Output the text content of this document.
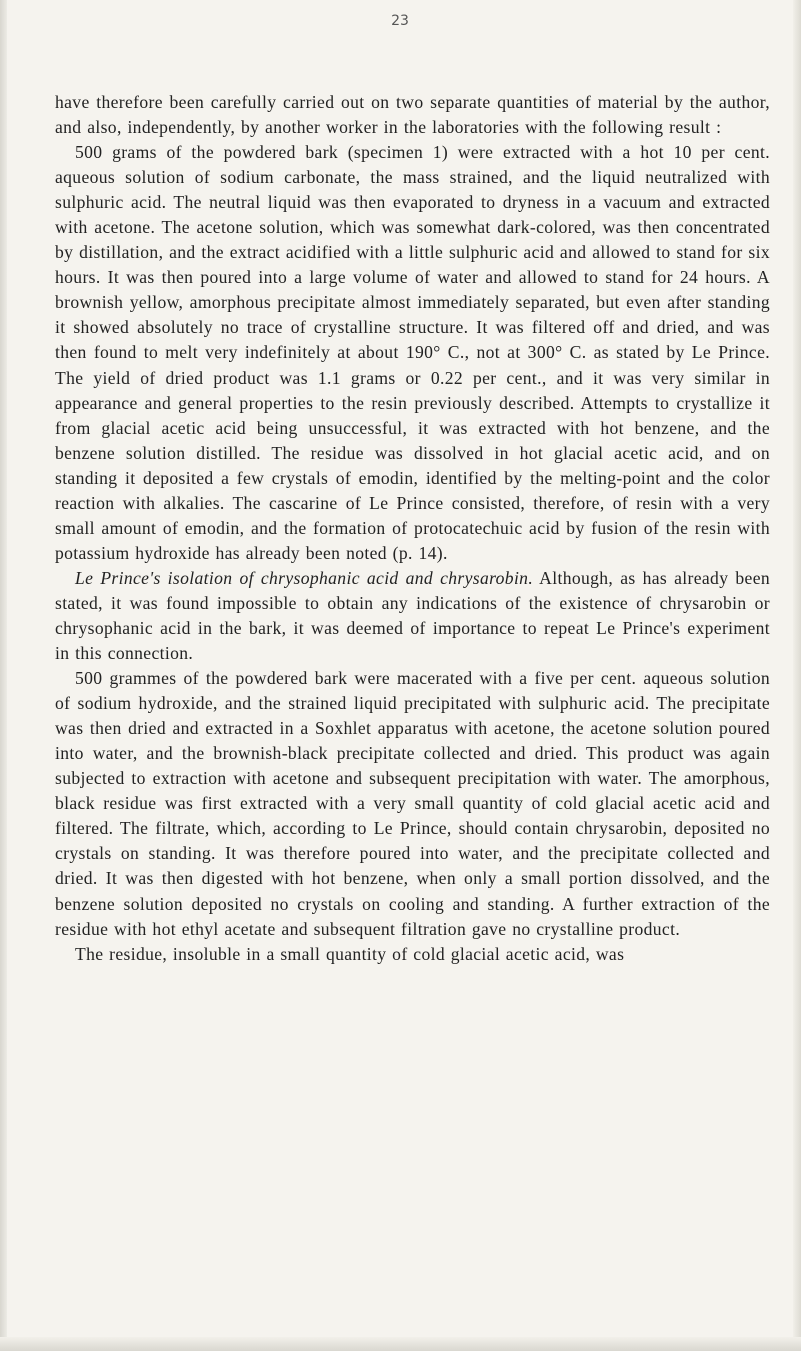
23

have therefore been carefully carried out on two separate quantities of material by the author, and also, independently, by another worker in the laboratories with the following result :

500 grams of the powdered bark (specimen 1) were extracted with a hot 10 per cent. aqueous solution of sodium carbonate, the mass strained, and the liquid neutralized with sulphuric acid. The neutral liquid was then evaporated to dryness in a vacuum and extracted with acetone. The acetone solution, which was somewhat dark-colored, was then concentrated by distillation, and the extract acidified with a little sulphuric acid and allowed to stand for six hours. It was then poured into a large volume of water and allowed to stand for 24 hours. A brownish yellow, amorphous precipitate almost immediately separated, but even after standing it showed absolutely no trace of crystalline structure. It was filtered off and dried, and was then found to melt very indefinitely at about 190° C., not at 300° C. as stated by Le Prince. The yield of dried product was 1.1 grams or 0.22 per cent., and it was very similar in appearance and general properties to the resin previously described. Attempts to crystallize it from glacial acetic acid being unsuccessful, it was extracted with hot benzene, and the benzene solution distilled. The residue was dissolved in hot glacial acetic acid, and on standing it deposited a few crystals of emodin, identified by the melting-point and the color reaction with alkalies. The cascarine of Le Prince consisted, therefore, of resin with a very small amount of emodin, and the formation of protocatechuic acid by fusion of the resin with potassium hydroxide has already been noted (p. 14).

Le Prince's isolation of chrysophanic acid and chrysarobin. Although, as has already been stated, it was found impossible to obtain any indications of the existence of chrysarobin or chrysophanic acid in the bark, it was deemed of importance to repeat Le Prince's experiment in this connection.

500 grammes of the powdered bark were macerated with a five per cent. aqueous solution of sodium hydroxide, and the strained liquid precipitated with sulphuric acid. The precipitate was then dried and extracted in a Soxhlet apparatus with acetone, the acetone solution poured into water, and the brownish-black precipitate collected and dried. This product was again subjected to extraction with acetone and subsequent precipitation with water. The amorphous, black residue was first extracted with a very small quantity of cold glacial acetic acid and filtered. The filtrate, which, according to Le Prince, should contain chrysarobin, deposited no crystals on standing. It was therefore poured into water, and the precipitate collected and dried. It was then digested with hot benzene, when only a small portion dissolved, and the benzene solution deposited no crystals on cooling and standing. A further extraction of the residue with hot ethyl acetate and subsequent filtration gave no crystalline product.

The residue, insoluble in a small quantity of cold glacial acetic acid, was
